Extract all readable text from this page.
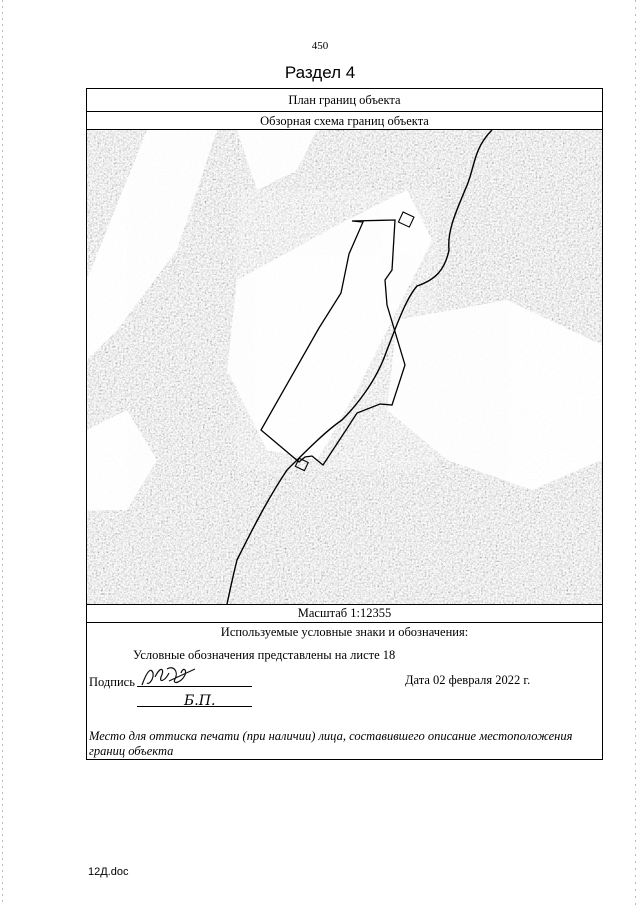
450
Раздел 4
План границ объекта
Обзорная схема границ объекта
Масштаб 1:12355
Используемые условные знаки и обозначения:
Условные обозначения представлены на листе 18
Подпись
Б.П.
Дата 02 февраля 2022 г.
Место для оттиска печати (при наличии) лица, составившего описание местоположения границ объекта
12Д.doc
